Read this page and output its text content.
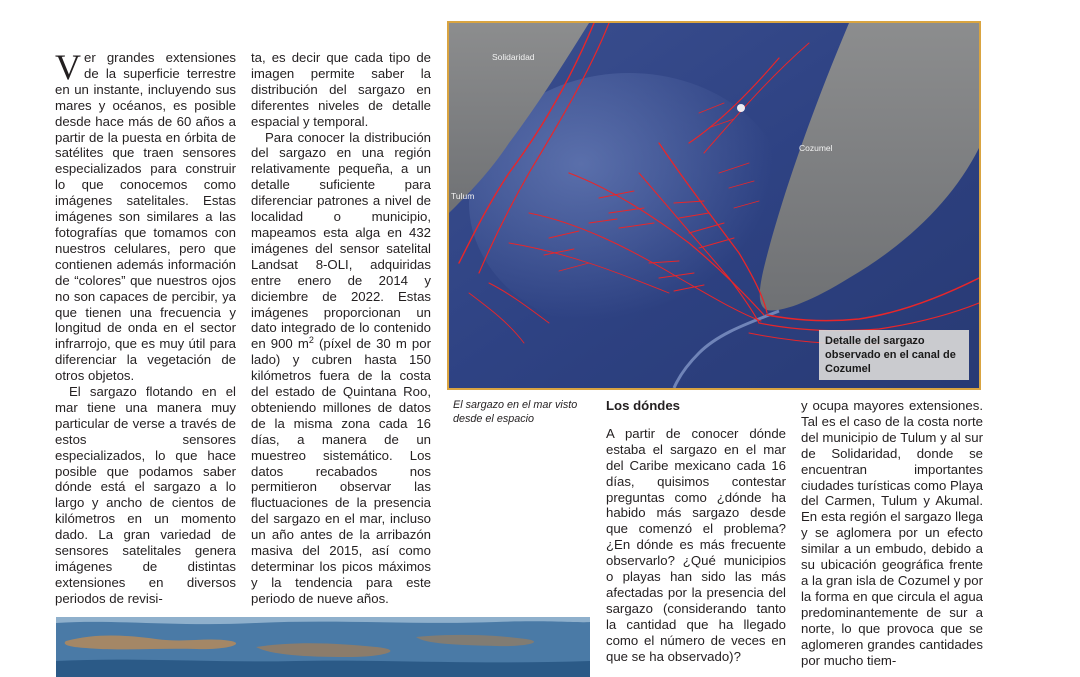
Ver grandes extensiones de la superficie terrestre en un instante, incluyendo sus mares y océanos, es posible desde hace más de 60 años a partir de la puesta en órbita de satélites que traen sensores especializados para construir lo que conocemos como imágenes satelitales. Estas imágenes son similares a las fotografías que tomamos con nuestros celulares, pero que contienen además información de “colores” que nuestros ojos no son capaces de percibir, ya que tienen una frecuencia y longitud de onda en el sector infrarrojo, que es muy útil para diferenciar la vegetación de otros objetos.

El sargazo flotando en el mar tiene una manera muy particular de verse a través de estos sensores especializados, lo que hace posible que podamos saber dónde está el sargazo a lo largo y ancho de cientos de kilómetros en un momento dado. La gran variedad de sensores satelitales genera imágenes de distintas extensiones en diversos periodos de revisi-

ta, es decir que cada tipo de imagen permite saber la distribución del sargazo en diferentes niveles de detalle espacial y temporal.

Para conocer la distribución del sargazo en una región relativamente pequeña, a un detalle suficiente para diferenciar patrones a nivel de localidad o municipio, mapeamos esta alga en 432 imágenes del sensor satelital Landsat 8-OLI, adquiridas entre enero de 2014 y diciembre de 2022. Estas imágenes proporcionan un dato integrado de lo contenido en 900 $m^2$ (píxel de 30 m por lado) y cubren hasta 150 kilómetros fuera de la costa del estado de Quintana Roo, obteniendo millones de datos de la misma zona cada 16 días, a manera de un muestreo sistemático. Los datos recabados nos permitieron observar las fluctuaciones de la presencia del sargazo en el mar, incluso un año antes de la arribazón masiva del 2015, así como determinar los picos máximos y la tendencia para este periodo de nueve años.

Solidaridad
Cozumel
Tulum
Detalle del sargazo observado en el canal de Cozumel
El sargazo en el mar visto desde el espacio

Los dóndes

A partir de conocer dónde estaba el sargazo en el mar del Caribe mexicano cada 16 días, quisimos contestar preguntas como ¿dónde ha habido más sargazo desde que comenzó el problema? ¿En dónde es más frecuente observarlo? ¿Qué municipios o playas han sido las más afectadas por la presencia del sargazo (considerando tanto la cantidad que ha llegado como el número de veces en que se ha observado)?

y ocupa mayores extensiones. Tal es el caso de la costa norte del municipio de Tulum y al sur de Solidaridad, donde se encuentran importantes ciudades turísticas como Playa del Carmen, Tulum y Akumal. En esta región el sargazo llega y se aglomera por un efecto similar a un embudo, debido a su ubicación geográfica frente a la gran isla de Cozumel y por la forma en que circula el agua predominantemente de sur a norte, lo que provoca que se aglomeren grandes cantidades por mucho tiem-
